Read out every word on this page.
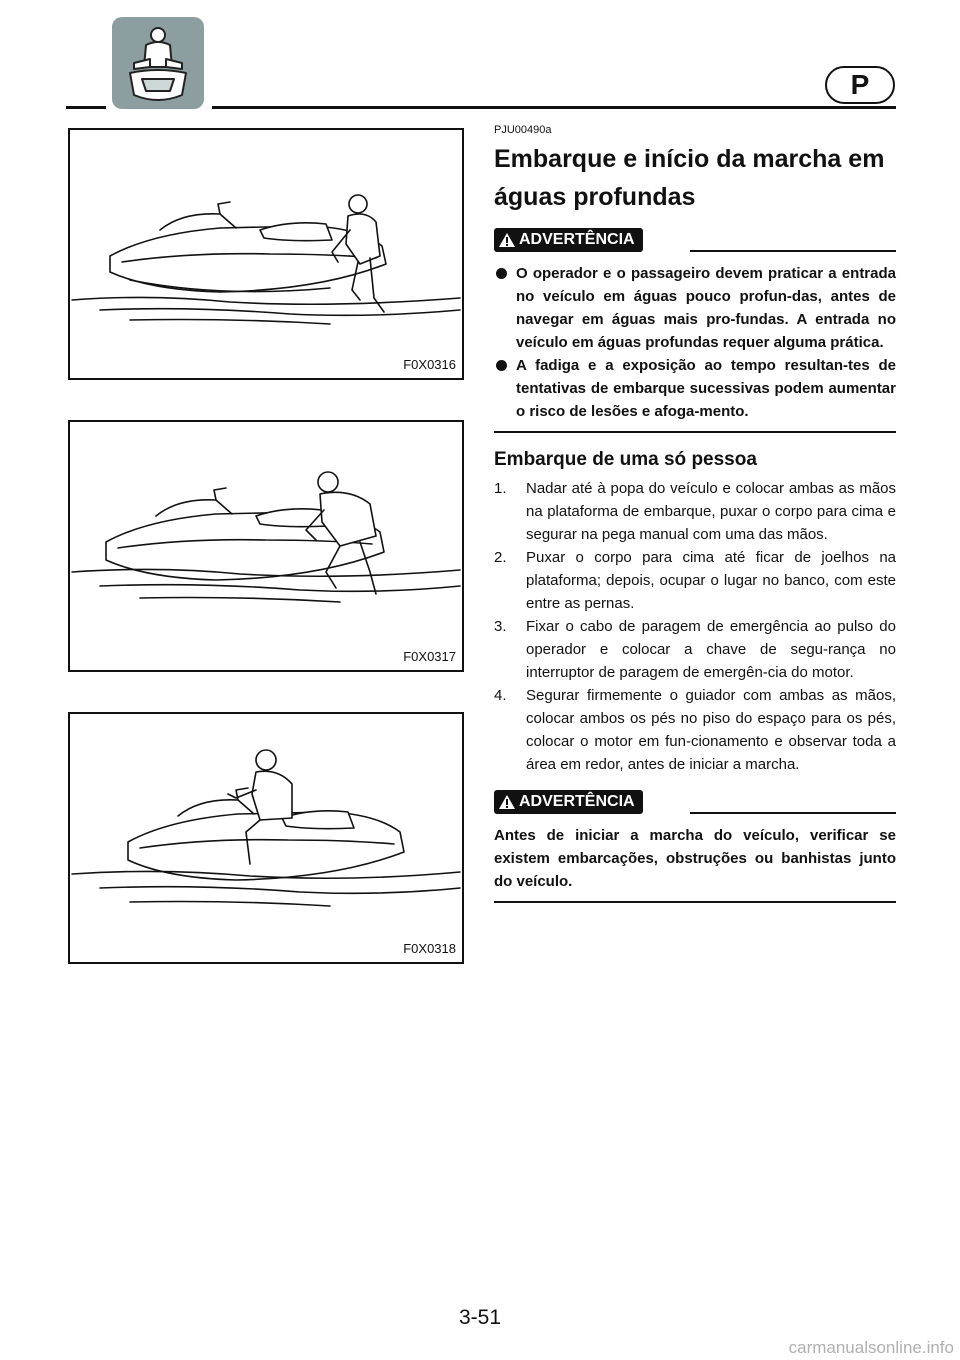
P
F0X0316
F0X0317
F0X0318
PJU00490a
Embarque e início da marcha em águas profundas
ADVERTÊNCIA
O operador e o passageiro devem praticar a entrada no veículo em águas pouco profun-das, antes de navegar em águas mais pro-fundas. A entrada no veículo em águas profundas requer alguma prática.
A fadiga e a exposição ao tempo resultan-tes de tentativas de embarque sucessivas podem aumentar o risco de lesões e afoga-mento.
Embarque de uma só pessoa
1. Nadar até à popa do veículo e colocar ambas as mãos na plataforma de embarque, puxar o corpo para cima e segurar na pega manual com uma das mãos.
2. Puxar o corpo para cima até ficar de joelhos na plataforma; depois, ocupar o lugar no banco, com este entre as pernas.
3. Fixar o cabo de paragem de emergência ao pulso do operador e colocar a chave de segu-rança no interruptor de paragem de emergên-cia do motor.
4. Segurar firmemente o guiador com ambas as mãos, colocar ambos os pés no piso do espaço para os pés, colocar o motor em fun-cionamento e observar toda a área em redor, antes de iniciar a marcha.
ADVERTÊNCIA
Antes de iniciar a marcha do veículo, verificar se existem embarcações, obstruções ou banhistas junto do veículo.
3-51
carmanualsonline.info
